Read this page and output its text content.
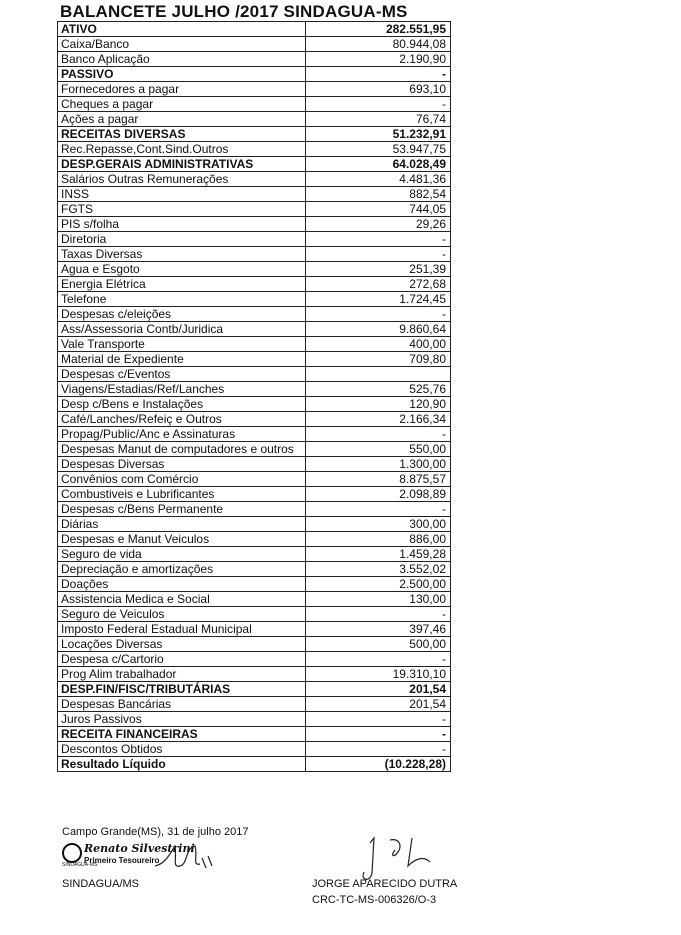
BALANCETE JULHO /2017 SINDAGUA-MS
ATIVO	282.551,95
Caixa/Banco	80.944,08
Banco Aplicação	2.190,90
PASSIVO	-
Fornecedores a pagar	693,10
Cheques a pagar	-
Ações a pagar	76,74
RECEITAS DIVERSAS	51.232,91
Rec.Repasse,Cont.Sind.Outros	53.947,75
DESP.GERAIS ADMINISTRATIVAS	64.028,49
Salários Outras Remunerações	4.481,36
INSS	882,54
FGTS	744,05
PIS s/folha	29,26
Diretoria	-
Taxas Diversas	-
Agua e Esgoto	251,39
Energia Elétrica	272,68
Telefone	1.724,45
Despesas c/eleições	-
Ass/Assessoria Contb/Juridica	9.860,64
Vale Transporte	400,00
Material de Expediente	709,80
Despesas c/Eventos	
Viagens/Estadias/Ref/Lanches	525,76
Desp c/Bens e Instalações	120,90
Café/Lanches/Refeiç e Outros	2.166,34
Propag/Public/Anc e Assinaturas	-
Despesas Manut de computadores e outros	550,00
Despesas Diversas	1.300,00
Convênios com Comércio	8.875,57
Combustiveis e Lubrificantes	2.098,89
Despesas c/Bens Permanente	-
Diárias	300,00
Despesas e Manut Veiculos	886,00
Seguro de vida	1.459,28
Depreciação e amortizações	3.552,02
Doações	2.500,00
Assistencia Medica e Social	130,00
Seguro de Veiculos	-
Imposto Federal Estadual Municipal	397,46
Locações Diversas	500,00
Despesa c/Cartorio	-
Prog Alim trabalhador	19.310,10
DESP.FIN/FISC/TRIBUTÁRIAS	201,54
Despesas Bancárias	201,54
Juros Passivos	-
RECEITA FINANCEIRAS	-
Descontos Obtidos	-
Resultado Líquido	(10.228,28)
Campo Grande(MS), 31 de julho 2017
SINDAGUA-MS
Renato Silvestrini
Primeiro Tesoureiro
SINDAGUA/MS	JORGE APARECIDO DUTRA
CRC-TC-MS-006326/O-3
